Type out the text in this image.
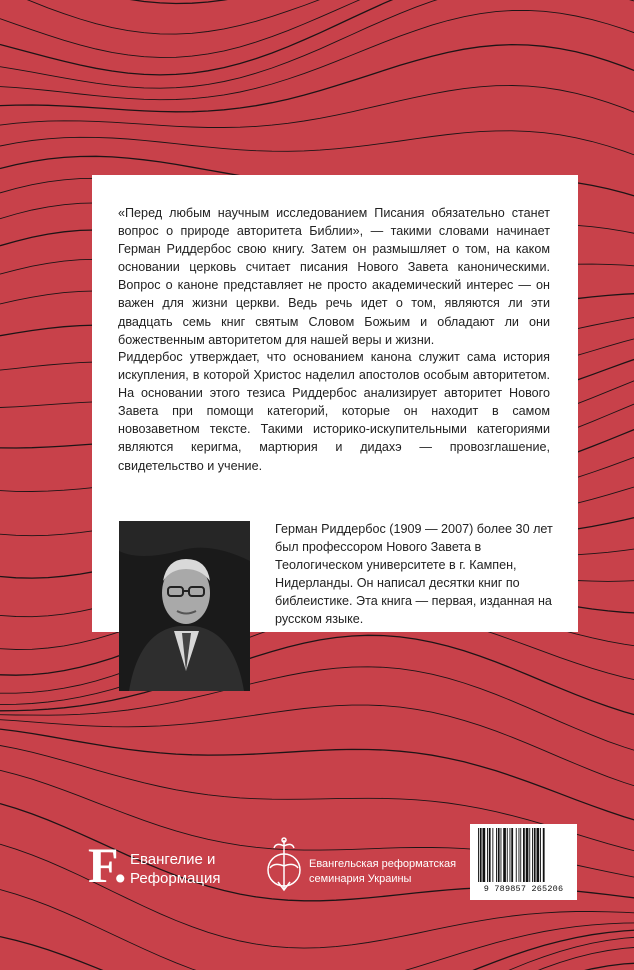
«Перед любым научным исследованием Писания обязательно станет вопрос о природе авторитета Библии», — такими словами начинает Герман Риддербос свою книгу. Затем он размышляет о том, на каком основании церковь считает писания Нового Завета каноническими. Вопрос о каноне представляет не просто академический интерес — он важен для жизни церкви. Ведь речь идет о том, являются ли эти двадцать семь книг святым Словом Божьим и обладают ли они божественным авторитетом для нашей веры и жизни.

Риддербос утверждает, что основанием канона служит сама история искупления, в которой Христос наделил апостолов особым авторитетом. На основании этого тезиса Риддербос анализирует авторитет Нового Завета при помощи категорий, которые он находит в самом новозаветном тексте. Такими историко-искупительными категориями являются керигма, мартюрия и дидахэ — провозглашение, свидетельство и учение.

Герман Риддербос (1909 — 2007) более 30 лет был профессором Нового Завета в Теологическом университете в г. Кампен, Нидерланды. Он написал десятки книг по библеистике. Эта книга — первая, изданная на русском языке.

F. Евангелие и
Реформация
Евангельская реформатская
семинария Украины
9 789857 265206
